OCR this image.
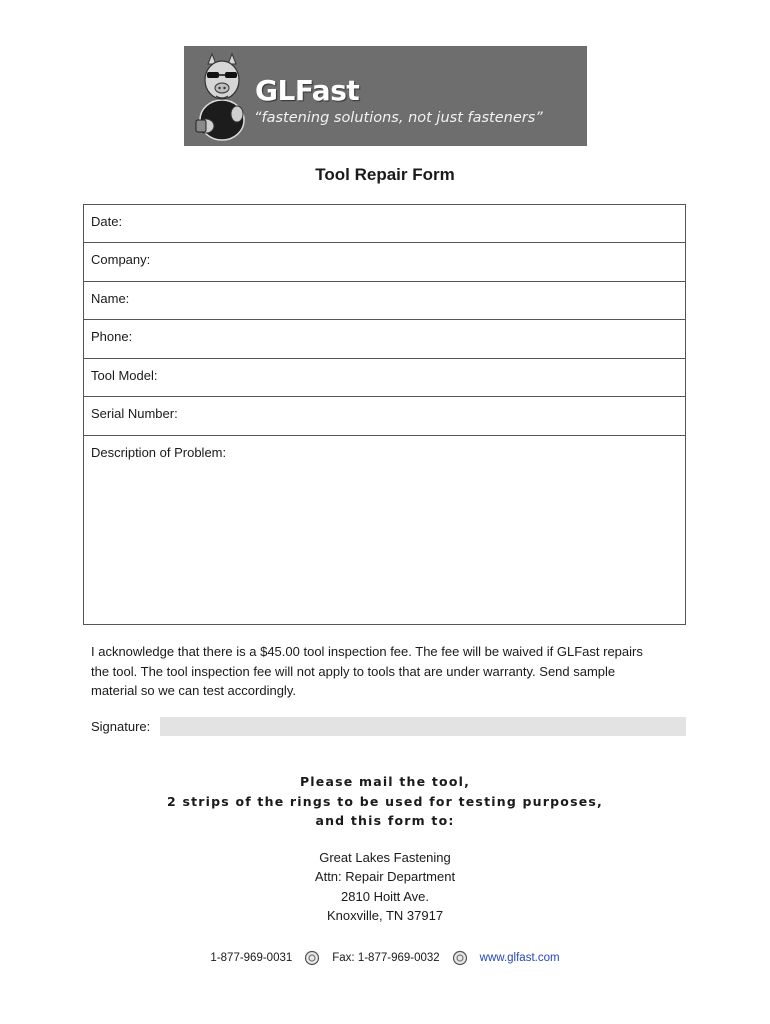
GLFast
“fastening solutions, not just fasteners”
Tool Repair Form
Date:
Company:
Name:
Phone:
Tool Model:
Serial Number:
Description of Problem:

I acknowledge that there is a $45.00 tool inspection fee. The fee will be waived if GLFast repairs
the tool. The tool inspection fee will not apply to tools that are under warranty. Send sample
material so we can test accordingly.

Signature:
Please mail the tool,
2 strips of the rings to be used for testing purposes,
and this form to:
Great Lakes Fastening
Attn: Repair Department
2810 Hoitt Ave.
Knoxville, TN 37917
1-877-969-0031	Fax: 1-877-969-0032	www.glfast.com
